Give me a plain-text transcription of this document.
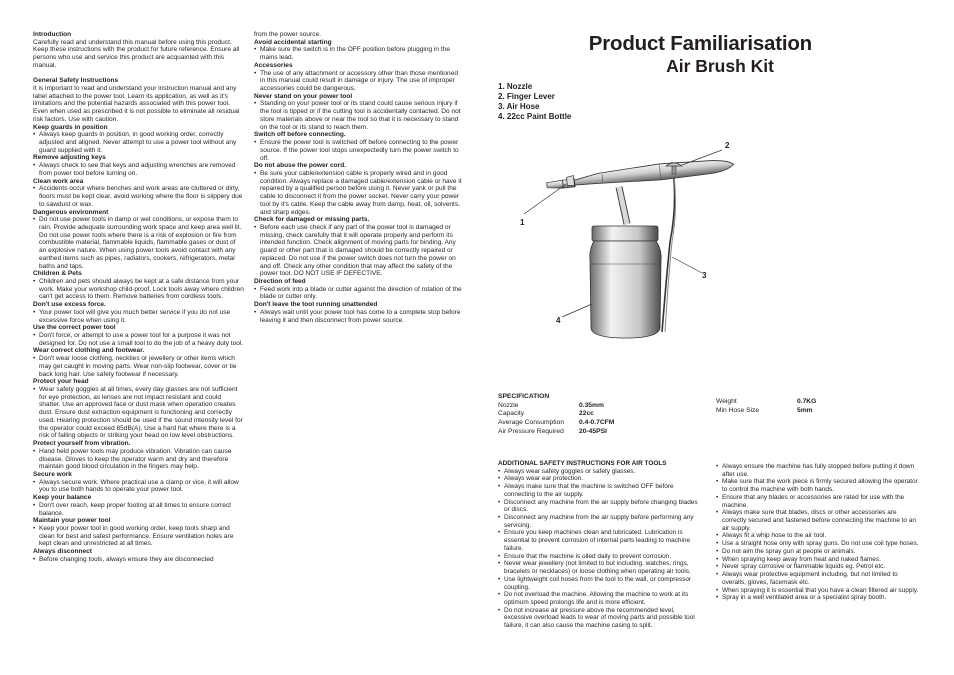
Introduction

Carefully read and understand this manual before using this product. Keep these instructions with the product for future reference. Ensure all persons who use and service this product are acquainted with this manual.

General Safety Instructions

It is important to read and understand your instruction manual and any label attached to the power tool. Learn its application, as well as it's limitations and the potential hazards associated with this power tool. Even when used as prescribed it is not possible to eliminate all residual risk factors. Use with caution.

Keep guards in position

• Always keep guards in position, in good working order, correctly adjusted and aligned. Never attempt to use a power tool without any guard supplied with it.

Remove adjusting keys

• Always check to see that keys and adjusting wrenches are removed from power tool before turning on.

Clean work area

• Accidents occur where benches and work areas are cluttered or dirty, floors must be kept clear, avoid working where the floor is slippery due to sawdust or wax.

Dangerous environment

• Do not use power tools in damp or wet conditions, or expose them to rain. Provide adequate surrounding work space and keep area well lit. Do not use power tools where there is a risk of explosion or fire from combustible material, flammable liquids, flammable gases or dust of an explosive nature. When using power tools avoid contact with any earthed items such as pipes, radiators, cookers, refrigerators, metal baths and taps.

Children & Pets

• Children and pets should always be kept at a safe distance from your work. Make your workshop child-proof. Lock tools away where children can't get access to them. Remove batteries from cordless tools.

Don't use excess force.

• Your power tool will give you much better service if you do not use excessive force when using it.

Use the correct power tool

• Don't force, or attempt to use a power tool for a purpose it was not designed for. Do not use a small tool to do the job of a heavy duty tool.

Wear correct clothing and footwear.

• Don't wear loose clothing, neckties or jewellery or other items which may get caught in moving parts. Wear non-slip footwear, cover or tie back long hair. Use safety footwear if necessary.

Protect your head

• Wear safety goggles at all times, every day glasses are not sufficient for eye protection, as lenses are not impact resistant and could shatter. Use an approved face or dust mask when operation creates dust. Ensure dust extraction equipment is functioning and correctly used. Hearing protection should be used if the sound intensity level for the operator could exceed 85dB(A). Use a hard hat where there is a risk of falling objects or striking your head on low level obstructions.

Protect yourself from vibration.

• Hand held power tools may produce vibration. Vibration can cause disease. Gloves to keep the operator warm and dry and therefore maintain good blood circulation in the fingers may help.

Secure work

• Always secure work. Where practical use a clamp or vice, it will allow you to use both hands to operate your power tool.

Keep your balance

• Don't over reach, keep proper footing at all times to ensure correct balance.

Maintain your power tool

• Keep your power tool in good working order, keep tools sharp and clean for best and safest performance. Ensure ventilation holes are kept clean and unrestricted at all times.

Always disconnect

• Before changing tools, always ensure they are disconnected

from the power source.

Avoid accidental starting

• Make sure the switch is in the OFF position before plugging in the mains lead.

Accessories

• The use of any attachment or accessory other than those mentioned in this manual could result in damage or injury. The use of improper accessories could be dangerous.

Never stand on your power tool

• Standing on your power tool or its stand could cause serious injury if the tool is tipped or if the cutting tool is accidentally contacted. Do not store materials above or near the tool so that it is necessary to stand on the tool or its stand to reach them.

Switch off before connecting.

• Ensure the power tool is switched off before connecting to the power source. If the power tool stops unexpectedly turn the power switch to off.

Do not abuse the power cord.

• Be sure your cable/extension cable is properly wired and in good condition. Always replace a damaged cable/extension cable or have it repaired by a qualified person before using it. Never yank or pull the cable to disconnect it from the power socket. Never carry your power tool by it's cable. Keep the cable away from damp, heat, oil, solvents, and sharp edges.

Check for damaged or missing parts.

• Before each use check if any part of the power tool is damaged or missing, check carefully that it will operate properly and perform its intended function. Check alignment of moving parts for binding. Any guard or other part that is damaged should be correctly repaired or replaced. Do not use if the power switch does not turn the power on and off. Check any other condition that may affect the safety of the power tool. DO NOT USE IF DEFECTIVE.

Direction of feed

• Feed work into a blade or cutter against the direction of rotation of the blade or cutter only.

Don't leave the tool running unattended

• Always wait until your power tool has come to a complete stop before leaving it and then disconnect from power source.

Product Familiarisation
Air Brush Kit

1. Nozzle

2. Finger Lever

3. Air Hose

4. 22cc Paint Bottle

1
2
3
4
SPECIFICATION
Nozzle	0.35mm
Capacity	22cc
Average Consumption	0.4-0.7CFM
Air Pressure Required	20-45PSI
Weight	0.7KG
Min Hose Size	5mm

ADDITIONAL SAFETY INSTRUCTIONS FOR AIR TOOLS

• Always wear safety goggles or safety glasses.

• Always wear ear protection.

• Always make sure that the machine is switched OFF before connecting to the air supply.

• Disconnect any machine from the air supply before changing blades or discs.

• Disconnect any machine from the air supply before performing any servicing.

• Ensure you keep machines clean and lubricated. Lubrication is essential to prevent corrosion of internal parts leading to machine failure.

• Ensure that the machine is oiled daily to prevent corrosion.

• Never wear jewellery (not limited to but including. watches, rings, bracelets or necklaces) or loose clothing when operating air tools.

• Use lightweight coil hoses from the tool to the wall, or compressor coupling.

• Do not overload the machine. Allowing the machine to work at its optimum speed prolongs life and is more efficient.

• Do not increase air pressure above the recommended level, excessive overload leads to wear of moving parts and possible tool failure, it can also cause the machine casing to split.

• Always ensure the machine has fully stopped before putting it down after use.

• Make sure that the work piece is firmly secured allowing the operator to control the machine with both hands.

• Ensure that any blades or accessories are rated for use with the machine.

• Always make sure that blades, discs or other accessories are correctly secured and fastened before connecting the machine to an air supply.

• Always fit a whip hose to the air tool.

• Use a straight hose only with spray guns. Do not use coil type hoses.

• Do not aim the spray gun at people or animals.

• When spraying keep away from heat and naked flames.

• Never spray corrosive or flammable liquids eg. Petrol etc.

• Always wear protective equipment including, but not limited to overalls, gloves, facemask etc.

• When spraying it is essential that you have a clean filtered air supply.

• Spray in a well ventilated area or a specialist spray booth.
